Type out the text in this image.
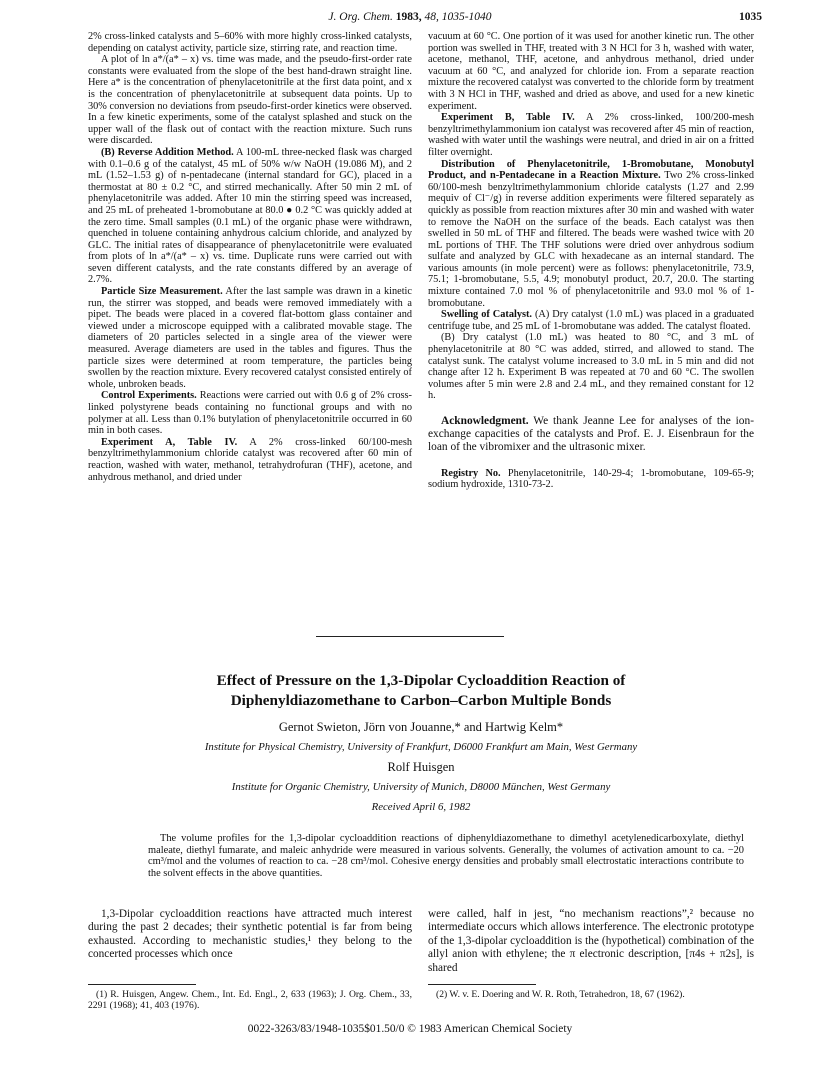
J. Org. Chem. 1983, 48, 1035-1040	1035

2% cross-linked catalysts and 5–60% with more highly cross-linked catalysts, depending on catalyst activity, particle size, stirring rate, and reaction time.

A plot of ln a*/(a* – x) vs. time was made, and the pseudo-first-order rate constants were evaluated from the slope of the best hand-drawn straight line. Here a* is the concentration of phenylacetonitrile at the first data point, and x is the concentration of phenylacetonitrile at subsequent data points. Up to 30% conversion no deviations from pseudo-first-order kinetics were observed. In a few kinetic experiments, some of the catalyst splashed and stuck on the upper wall of the flask out of contact with the reaction mixture. Such runs were discarded.

(B) Reverse Addition Method. A 100-mL three-necked flask was charged with 0.1–0.6 g of the catalyst, 45 mL of 50% w/w NaOH (19.086 M), and 2 mL (1.52–1.53 g) of n-pentadecane (internal standard for GC), placed in a thermostat at 80 ± 0.2 °C, and stirred mechanically. After 50 min 2 mL of phenylacetonitrile was added. After 10 min the stirring speed was increased, and 25 mL of preheated 1-bromobutane at 80.0 ● 0.2 °C was quickly added at the zero time. Small samples (0.1 mL) of the organic phase were withdrawn, quenched in toluene containing anhydrous calcium chloride, and analyzed by GLC. The initial rates of disappearance of phenylacetonitrile were evaluated from plots of ln a*/(a* – x) vs. time. Duplicate runs were carried out with seven different catalysts, and the rate constants differed by an average of 2.7%.

Particle Size Measurement. After the last sample was drawn in a kinetic run, the stirrer was stopped, and beads were removed immediately with a pipet. The beads were placed in a covered flat-bottom glass container and viewed under a microscope equipped with a calibrated movable stage. The diameters of 20 particles selected in a single area of the viewer were measured. Average diameters are used in the tables and figures. Thus the particle sizes were determined at room temperature, the particles being swollen by the reaction mixture. Every recovered catalyst consisted entirely of whole, unbroken beads.

Control Experiments. Reactions were carried out with 0.6 g of 2% cross-linked polystyrene beads containing no functional groups and with no polymer at all. Less than 0.1% butylation of phenylacetonitrile occurred in 60 min in both cases.

Experiment A, Table IV. A 2% cross-linked 60/100-mesh benzyltrimethylammonium chloride catalyst was recovered after 60 min of reaction, washed with water, methanol, tetrahydrofuran (THF), acetone, and anhydrous methanol, and dried under

vacuum at 60 °C. One portion of it was used for another kinetic run. The other portion was swelled in THF, treated with 3 N HCl for 3 h, washed with water, acetone, methanol, THF, acetone, and anhydrous methanol, dried under vacuum at 60 °C, and analyzed for chloride ion. From a separate reaction mixture the recovered catalyst was converted to the chloride form by treatment with 3 N HCl in THF, washed and dried as above, and used for a new kinetic experiment.

Experiment B, Table IV. A 2% cross-linked, 100/200-mesh benzyltrimethylammonium ion catalyst was recovered after 45 min of reaction, washed with water until the washings were neutral, and dried in air on a fritted filter overnight.

Distribution of Phenylacetonitrile, 1-Bromobutane, Monobutyl Product, and n-Pentadecane in a Reaction Mixture. Two 2% cross-linked 60/100-mesh benzyltrimethylammonium chloride catalysts (1.27 and 2.99 mequiv of Cl⁻/g) in reverse addition experiments were filtered separately as quickly as possible from reaction mixtures after 30 min and washed with water to remove the NaOH on the surface of the beads. Each catalyst was then swelled in 50 mL of THF and filtered. The beads were washed twice with 20 mL portions of THF. The THF solutions were dried over anhydrous sodium sulfate and analyzed by GLC with hexadecane as an internal standard. The various amounts (in mole percent) were as follows: phenylacetonitrile, 73.9, 75.1; 1-bromobutane, 5.5, 4.9; monobutyl product, 20.7, 20.0. The starting mixture contained 7.0 mol % of phenylacetonitrile and 93.0 mol % of 1-bromobutane.

Swelling of Catalyst. (A) Dry catalyst (1.0 mL) was placed in a graduated centrifuge tube, and 25 mL of 1-bromobutane was added. The catalyst floated.

(B) Dry catalyst (1.0 mL) was heated to 80 °C, and 3 mL of phenylacetonitrile at 80 °C was added, stirred, and allowed to stand. The catalyst sunk. The catalyst volume increased to 3.0 mL in 5 min and did not change after 12 h. Experiment B was repeated at 70 and 60 °C. The swollen volumes after 5 min were 2.8 and 2.4 mL, and they remained constant for 12 h.

Acknowledgment. We thank Jeanne Lee for analyses of the ion-exchange capacities of the catalysts and Prof. E. J. Eisenbraun for the loan of the vibromixer and the ultrasonic mixer.

Registry No. Phenylacetonitrile, 140-29-4; 1-bromobutane, 109-65-9; sodium hydroxide, 1310-73-2.

Effect of Pressure on the 1,3-Dipolar Cycloaddition Reaction of
Diphenyldiazomethane to Carbon–Carbon Multiple Bonds
Gernot Swieton, Jörn von Jouanne,* and Hartwig Kelm*
Institute for Physical Chemistry, University of Frankfurt, D6000 Frankfurt am Main, West Germany
Rolf Huisgen
Institute for Organic Chemistry, University of Munich, D8000 München, West Germany
Received April 6, 1982
The volume profiles for the 1,3-dipolar cycloaddition reactions of diphenyldiazomethane to dimethyl acetylenedicarboxylate, diethyl maleate, diethyl fumarate, and maleic anhydride were measured in various solvents. Generally, the volumes of activation amount to ca. −20 cm³/mol and the volumes of reaction to ca. −28 cm³/mol. Cohesive energy densities and probably small electrostatic interactions contribute to the solvent effects in the above quantities.
1,3-Dipolar cycloaddition reactions have attracted much interest during the past 2 decades; their synthetic potential is far from being exhausted. According to mechanistic studies,¹ they belong to the concerted processes which once
were called, half in jest, “no mechanism reactions”,² because no intermediate occurs which allows interference. The electronic prototype of the 1,3-dipolar cycloaddition is the (hypothetical) combination of the allyl anion with ethylene; the π electronic description, [π4s + π2s], is shared
(1) R. Huisgen, Angew. Chem., Int. Ed. Engl., 2, 633 (1963); J. Org. Chem., 33, 2291 (1968); 41, 403 (1976).
(2) W. v. E. Doering and W. R. Roth, Tetrahedron, 18, 67 (1962).
0022-3263/83/1948-1035$01.50/0 © 1983 American Chemical Society
